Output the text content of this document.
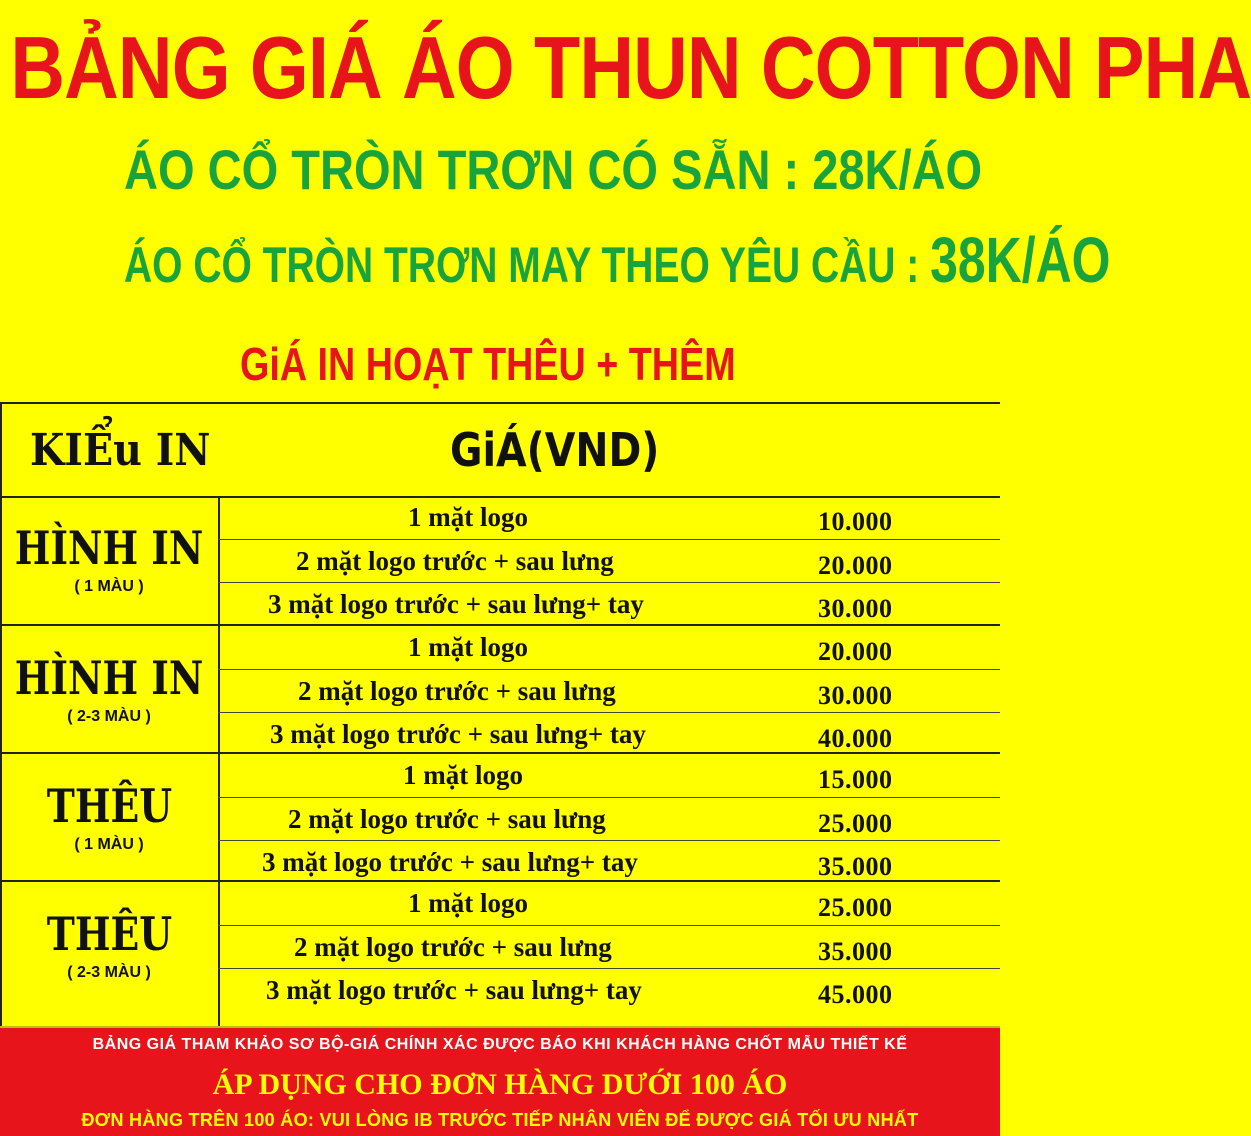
BẢNG GIÁ ÁO THUN COTTON PHA
ÁO CỔ TRÒN TRƠN CÓ SẴN : 28K/ÁO
ÁO CỔ TRÒN TRƠN MAY THEO YÊU CẦU : 38K/ÁO
GiÁ IN HOẠT THÊU + THÊM
KIỂu IN	GiÁ(VND)
HÌNH IN
( 1 MÀU )
1 mặt logo	10.000
2 mặt logo trước + sau lưng	20.000
3 mặt logo trước + sau lưng+ tay	30.000
HÌNH IN
( 2-3 MÀU )
1 mặt logo	20.000
2 mặt logo trước + sau lưng	30.000
3 mặt logo trước + sau lưng+ tay	40.000
THÊU
( 1 MÀU )
1 mặt logo	15.000
2 mặt logo trước + sau lưng	25.000
3 mặt logo trước + sau lưng+ tay	35.000
THÊU
( 2-3 MÀU )
1 mặt logo	25.000
2 mặt logo trước + sau lưng	35.000
3 mặt logo trước + sau lưng+ tay	45.000
BẢNG GIÁ THAM KHẢO SƠ BỘ-GIÁ CHÍNH XÁC ĐƯỢC BÁO KHI KHÁCH HÀNG CHỐT MẪU THIẾT KẾ
ÁP DỤNG CHO ĐƠN HÀNG DƯỚI 100 ÁO
ĐƠN HÀNG TRÊN 100 ÁO: VUI LÒNG IB TRƯỚC TIẾP NHÂN VIÊN ĐỂ ĐƯỢC GIÁ TỐI ƯU NHẤT
